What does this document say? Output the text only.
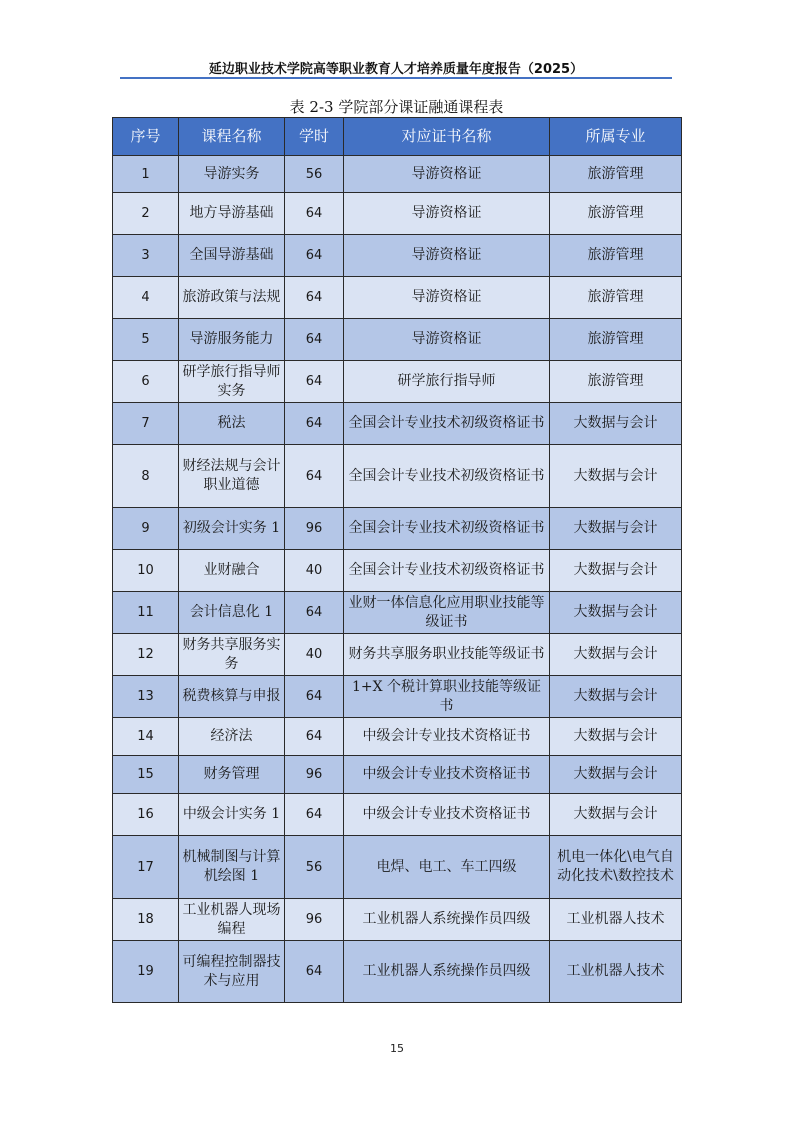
延边职业技术学院高等职业教育人才培养质量年度报告（2025）
表 2-3 学院部分课证融通课程表
序号	课程名称	学时	对应证书名称	所属专业
1	导游实务	56	导游资格证	旅游管理
2	地方导游基础	64	导游资格证	旅游管理
3	全国导游基础	64	导游资格证	旅游管理
4	旅游政策与法规	64	导游资格证	旅游管理
5	导游服务能力	64	导游资格证	旅游管理
6	研学旅行指导师实务	64	研学旅行指导师	旅游管理
7	税法	64	全国会计专业技术初级资格证书	大数据与会计
8	财经法规与会计职业道德	64	全国会计专业技术初级资格证书	大数据与会计
9	初级会计实务 1	96	全国会计专业技术初级资格证书	大数据与会计
10	业财融合	40	全国会计专业技术初级资格证书	大数据与会计
11	会计信息化 1	64	业财一体信息化应用职业技能等级证书	大数据与会计
12	财务共享服务实务	40	财务共享服务职业技能等级证书	大数据与会计
13	税费核算与申报	64	1+X 个税计算职业技能等级证书	大数据与会计
14	经济法	64	中级会计专业技术资格证书	大数据与会计
15	财务管理	96	中级会计专业技术资格证书	大数据与会计
16	中级会计实务 1	64	中级会计专业技术资格证书	大数据与会计
17	机械制图与计算机绘图 1	56	电焊、电工、车工四级	机电一体化\电气自动化技术\数控技术
18	工业机器人现场编程	96	工业机器人系统操作员四级	工业机器人技术
19	可编程控制器技术与应用	64	工业机器人系统操作员四级	工业机器人技术
15
